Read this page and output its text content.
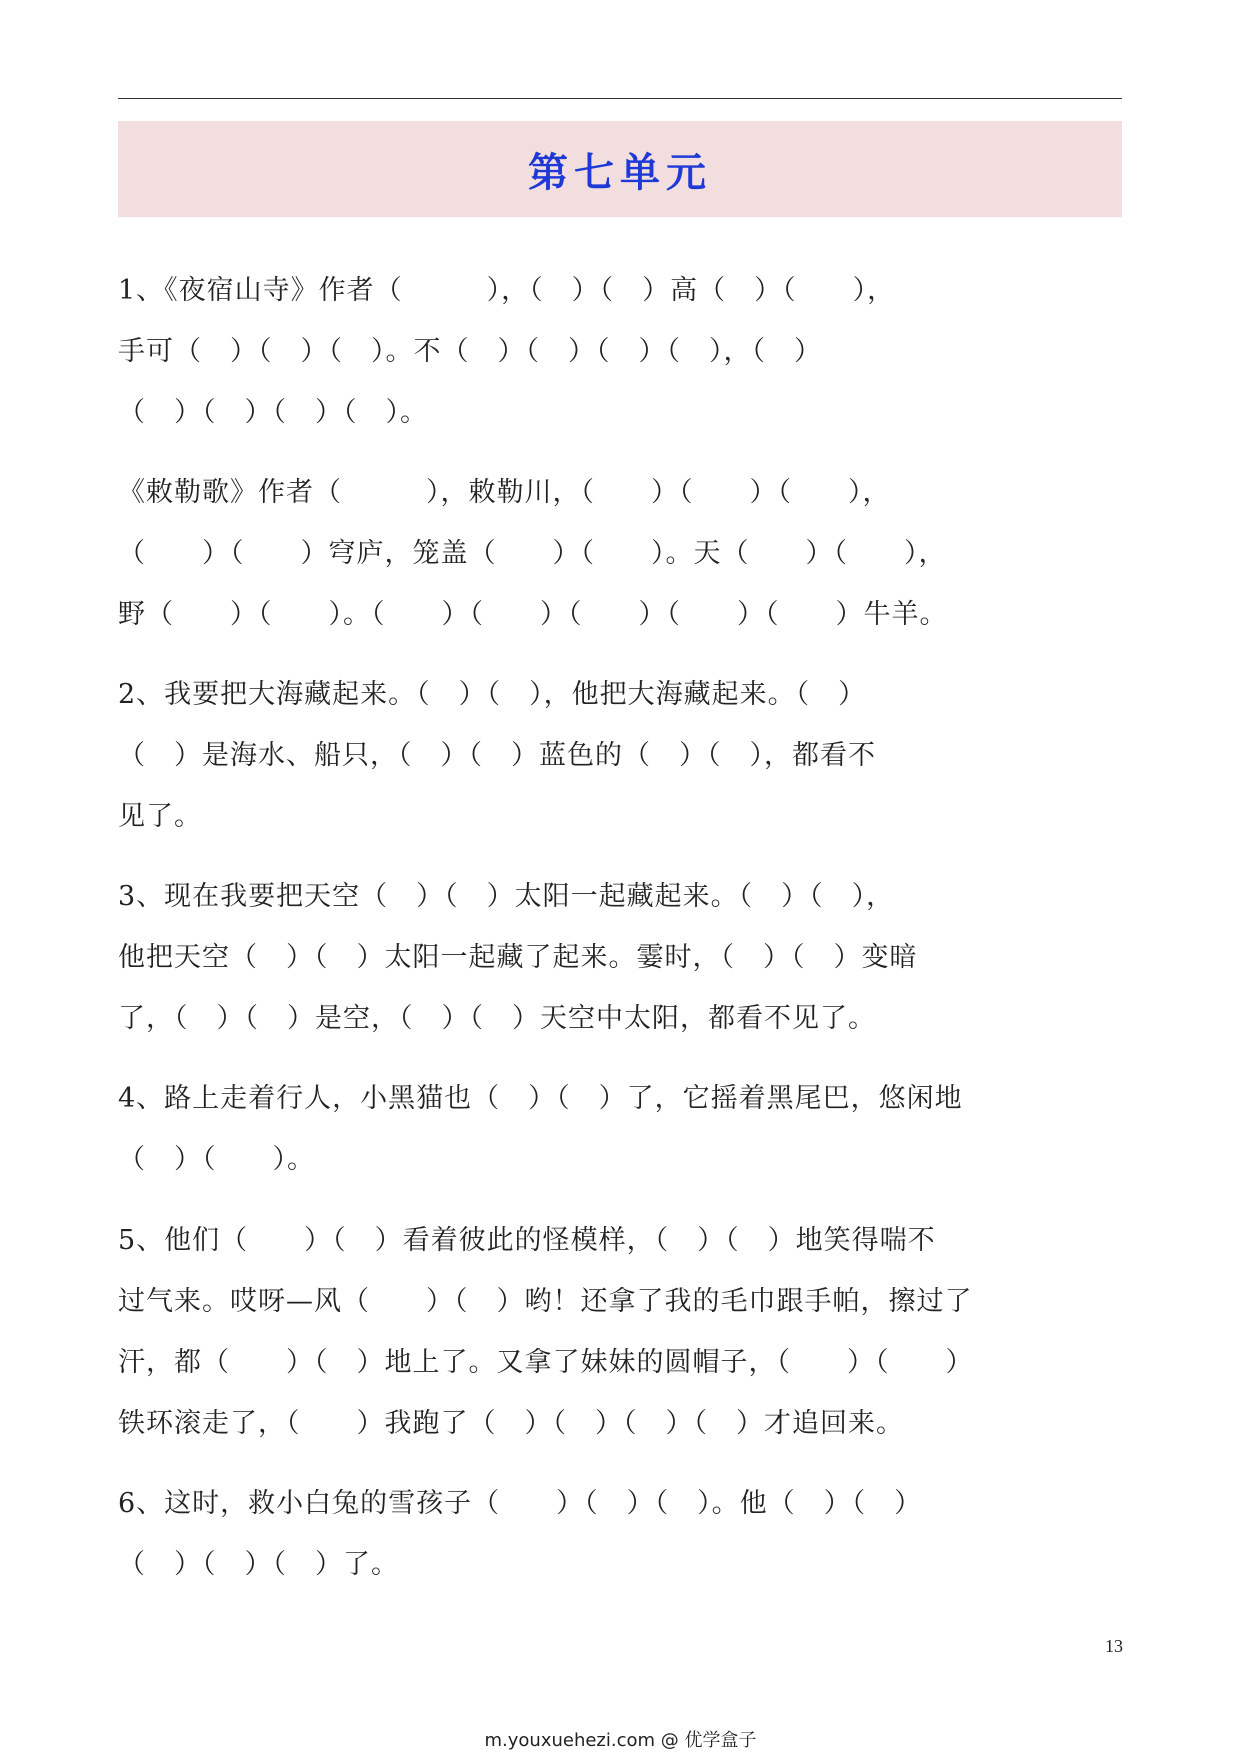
第七单元
1、《夜宿山寺》作者（　　　），（　）（　）高（　）（　　），
手可（　）（　）（　）。不（　）（　）（　）（　），（　）
（　）（　）（　）（　）。
《敕勒歌》作者（　　　），敕勒川，（　　）（　　）（　　），
（　　）（　　）穹庐，笼盖（　　）（　　）。天（　　）（　　），
野（　　）（　　）。（　　）（　　）（　　）（　　）（　　）牛羊。
2、我要把大海藏起来。（　）（　），他把大海藏起来。（　）
（　）是海水、船只，（　）（　）蓝色的（　）（　），都看不
见了。
3、现在我要把天空（　）（　）太阳一起藏起来。（　）（　），
他把天空（　）（　）太阳一起藏了起来。霎时，（　）（　）变暗
了，（　）（　）是空，（　）（　）天空中太阳，都看不见了。
4、路上走着行人，小黑猫也（　）（　）了，它摇着黑尾巴，悠闲地
（　）（　　）。
5、他们（　　）（　）看着彼此的怪模样，（　）（　）地笑得喘不
过气来。哎呀—风（　　）（　）哟！还拿了我的毛巾跟手帕，擦过了
汗，都（　　）（　）地上了。又拿了妹妹的圆帽子，（　　）（　　）
铁环滚走了，（　　）我跑了（　）（　）（　）（　）才追回来。
6、这时，救小白兔的雪孩子（　　）（　）（　）。他（　）（　）
（　）（　）（　）了。
13
m.youxuehezi.com @ 优学盒子
